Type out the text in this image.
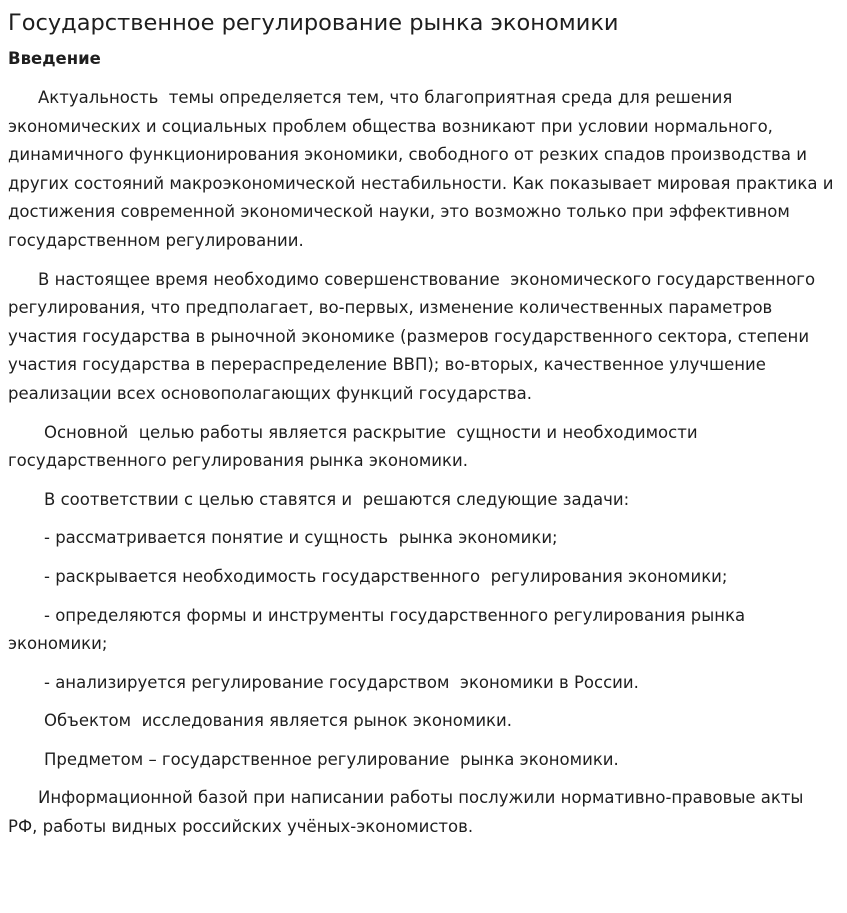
Государственное регулирование рынка экономики
Введение

Актуальность  темы определяется тем, что благоприятная среда для решения экономических и социальных проблем общества возникают при условии нормального, динамичного функционирования экономики, свободного от резких спадов производства и других состояний макроэкономической нестабильности. Как показывает мировая практика и достижения современной экономической науки, это возможно только при эффективном государственном регулировании.

В настоящее время необходимо совершенствование  экономического государственного регулирования, что предполагает, во-первых, изменение количественных параметров участия государства в рыночной экономике (размеров государственного сектора, степени участия государства в перераспределение ВВП); во-вторых, качественное улучшение реализации всех основополагающих функций государства.

Основной  целью работы является раскрытие  сущности и необходимости государственного регулирования рынка экономики.

В соответствии с целью ставятся и  решаются следующие задачи:

- рассматривается понятие и сущность  рынка экономики;

- раскрывается необходимость государственного  регулирования экономики;

- определяются формы и инструменты государственного регулирования рынка экономики;

- анализируется регулирование государством  экономики в России.

Объектом  исследования является рынок экономики.

Предметом – государственное регулирование  рынка экономики.

Информационной базой при написании работы послужили нормативно-правовые акты РФ, работы видных российских учёных-экономистов.
